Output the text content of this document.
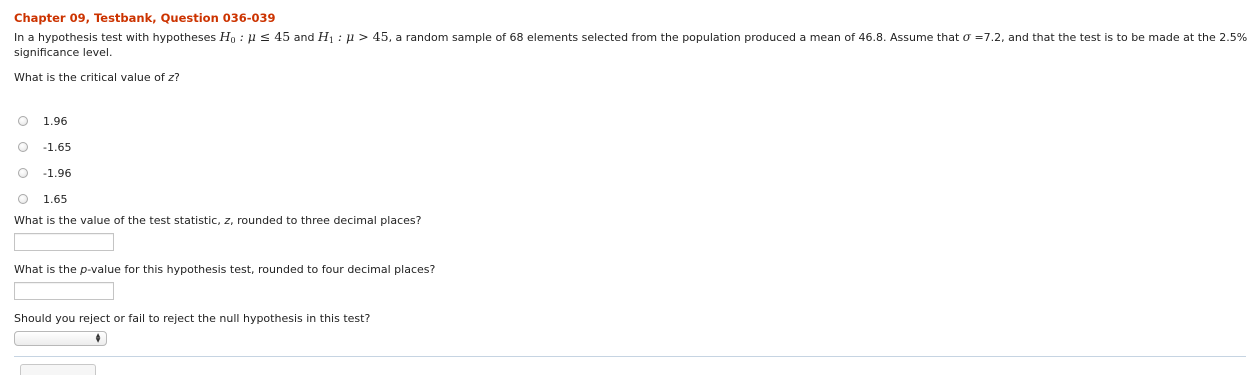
Chapter 09, Testbank, Question 036-039
In a hypothesis test with hypotheses $H_0$ : μ ≤ 45 and $H_1$ : μ > 45, a random sample of 68 elements selected from the population produced a mean of 46.8. Assume that σ =7.2, and that the test is to be made at the 2.5% significance level.
What is the critical value of z?
1.96
-1.65
-1.96
1.65
What is the value of the test statistic, z, rounded to three decimal places?
What is the p-value for this hypothesis test, rounded to four decimal places?
Should you reject or fail to reject the null hypothesis in this test?
▲▼
